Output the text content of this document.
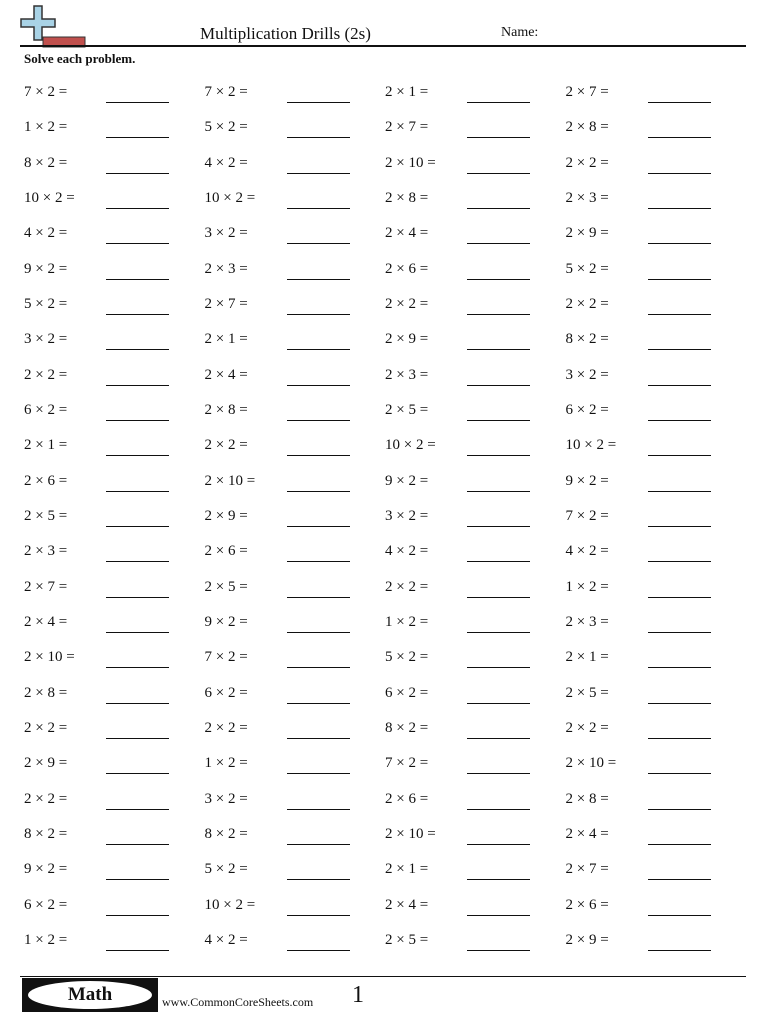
Multiplication Drills (2s)	Name:
Solve each problem.
7 × 2 =	7 × 2 =	2 × 1 =	2 × 7 =
1 × 2 =	5 × 2 =	2 × 7 =	2 × 8 =
8 × 2 =	4 × 2 =	2 × 10 =	2 × 2 =
10 × 2 =	10 × 2 =	2 × 8 =	2 × 3 =
4 × 2 =	3 × 2 =	2 × 4 =	2 × 9 =
9 × 2 =	2 × 3 =	2 × 6 =	5 × 2 =
5 × 2 =	2 × 7 =	2 × 2 =	2 × 2 =
3 × 2 =	2 × 1 =	2 × 9 =	8 × 2 =
2 × 2 =	2 × 4 =	2 × 3 =	3 × 2 =
6 × 2 =	2 × 8 =	2 × 5 =	6 × 2 =
2 × 1 =	2 × 2 =	10 × 2 =	10 × 2 =
2 × 6 =	2 × 10 =	9 × 2 =	9 × 2 =
2 × 5 =	2 × 9 =	3 × 2 =	7 × 2 =
2 × 3 =	2 × 6 =	4 × 2 =	4 × 2 =
2 × 7 =	2 × 5 =	2 × 2 =	1 × 2 =
2 × 4 =	9 × 2 =	1 × 2 =	2 × 3 =
2 × 10 =	7 × 2 =	5 × 2 =	2 × 1 =
2 × 8 =	6 × 2 =	6 × 2 =	2 × 5 =
2 × 2 =	2 × 2 =	8 × 2 =	2 × 2 =
2 × 9 =	1 × 2 =	7 × 2 =	2 × 10 =
2 × 2 =	3 × 2 =	2 × 6 =	2 × 8 =
8 × 2 =	8 × 2 =	2 × 10 =	2 × 4 =
9 × 2 =	5 × 2 =	2 × 1 =	2 × 7 =
6 × 2 =	10 × 2 =	2 × 4 =	2 × 6 =
1 × 2 =	4 × 2 =	2 × 5 =	2 × 9 =
Math	www.CommonCoreSheets.com 1
